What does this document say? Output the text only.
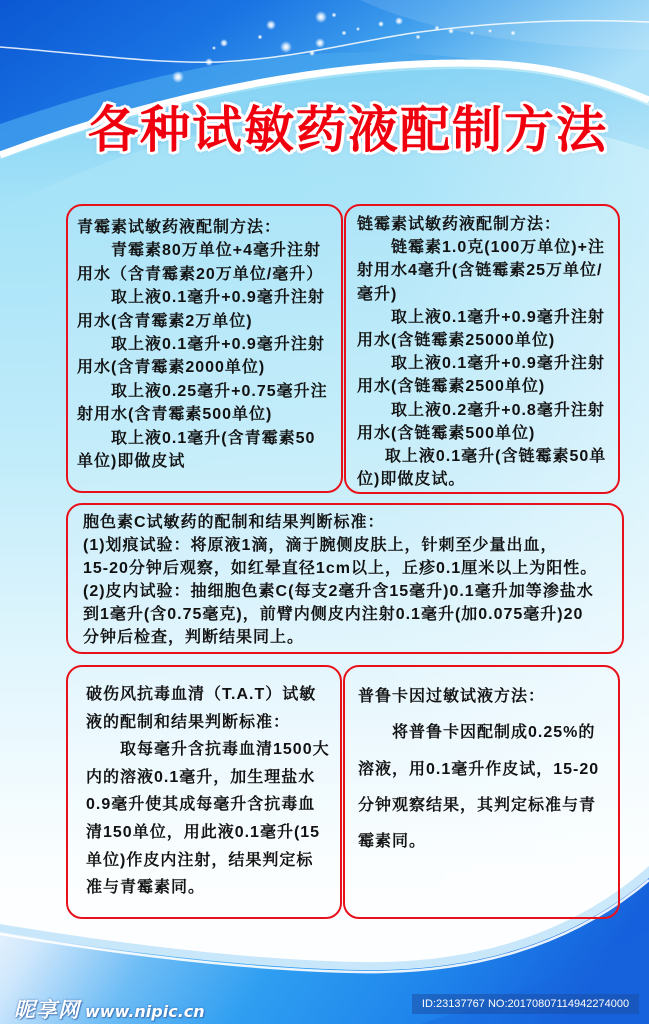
各种试敏药液配制方法
青霉素试敏药液配制方法：
　　青霉素80万单位+4毫升注射
用水（含青霉素20万单位/毫升）
　　取上液0.1毫升+0.9毫升注射
用水(含青霉素2万单位)
　　取上液0.1毫升+0.9毫升注射
用水(含青霉素2000单位)
　　取上液0.25毫升+0.75毫升注
射用水(含青霉素500单位)
　　取上液0.1毫升(含青霉素50
单位)即做皮试
链霉素试敏药液配制方法：
　　链霉素1.0克(100万单位)+注
射用水4毫升(含链霉素25万单位/
毫升)
　　取上液0.1毫升+0.9毫升注射
用水(含链霉素25000单位)
　　取上液0.1毫升+0.9毫升注射
用水(含链霉素2500单位)
　　取上液0.2毫升+0.8毫升注射
用水(含链霉素500单位)
　  取上液0.1毫升(含链霉素50单
位)即做皮试。
胞色素C试敏药的配制和结果判断标准：
(1)划痕试验：将原液1滴，滴于腕侧皮肤上，针刺至少量出血，
15-20分钟后观察，如红晕直径1cm以上，丘疹0.1厘米以上为阳性。
(2)皮内试验：抽细胞色素C(每支2毫升含15毫升)0.1毫升加等渗盐水
到1毫升(含0.75毫克)，前臂内侧皮内注射0.1毫升(加0.075毫升)20
分钟后检查，判断结果同上。
破伤风抗毒血清（T.A.T）试敏
液的配制和结果判断标准：
　　取每毫升含抗毒血清1500大
内的溶液0.1毫升，加生理盐水
0.9毫升使其成每毫升含抗毒血
清150单位，用此液0.1毫升(15
单位)作皮内注射，结果判定标
准与青霉素同。
普鲁卡因过敏试液方法：
　　将普鲁卡因配制成0.25%的
溶液，用0.1毫升作皮试，15-20
分钟观察结果，其判定标准与青
霉素同。
昵享网 www.nipic.cn	ID:23137767 NO:20170807114942274000
